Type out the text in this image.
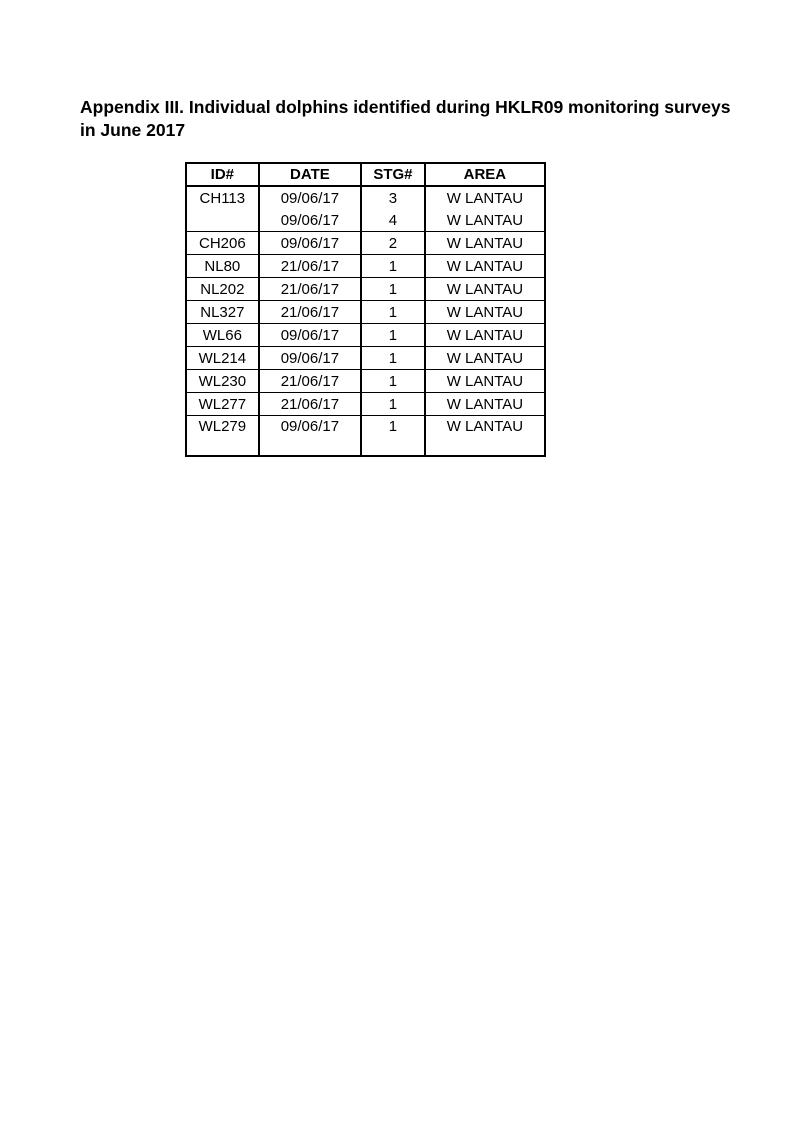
Appendix III. Individual dolphins identified during HKLR09 monitoring surveys in June 2017
ID#	DATE	STG#	AREA
CH113	09/06/17	3	W LANTAU
	09/06/17	4	W LANTAU
CH206	09/06/17	2	W LANTAU
NL80	21/06/17	1	W LANTAU
NL202	21/06/17	1	W LANTAU
NL327	21/06/17	1	W LANTAU
WL66	09/06/17	1	W LANTAU
WL214	09/06/17	1	W LANTAU
WL230	21/06/17	1	W LANTAU
WL277	21/06/17	1	W LANTAU
WL279	09/06/17	1	W LANTAU
